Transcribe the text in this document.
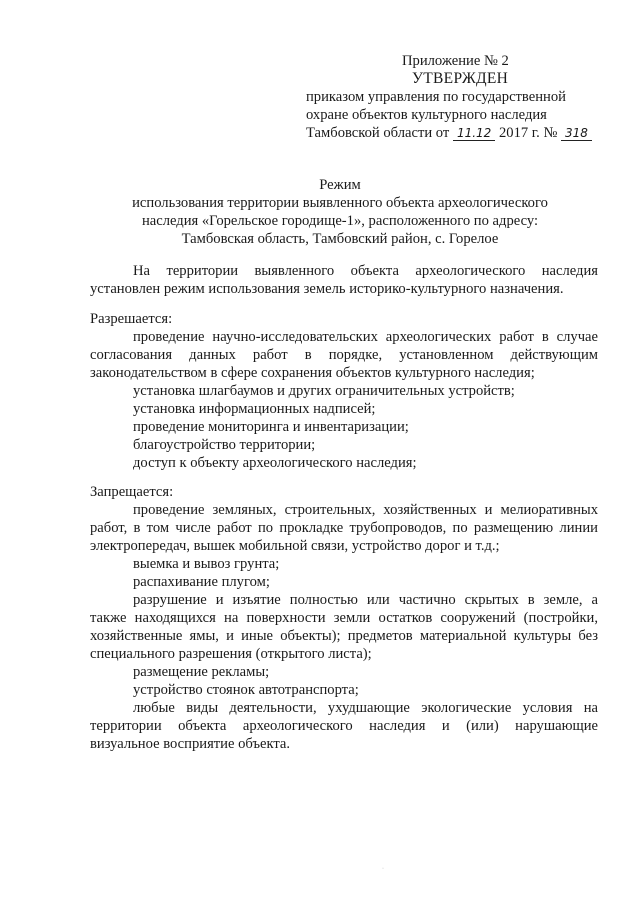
Приложение № 2
УТВЕРЖДЕН
приказом управления по государственной
охране объектов культурного наследия
Тамбовской области от 11.12 2017 г. № 318
Режим
использования территории выявленного объекта археологического
наследия «Горельское городище-1», расположенного по адресу:
Тамбовская область, Тамбовский район, с. Горелое
На территории выявленного объекта археологического наследия
установлен режим использования земель историко-культурного назначения.
Разрешается:
проведение научно-исследовательских археологических работ в случае
согласования данных работ в порядке, установленном действующим
законодательством в сфере сохранения объектов культурного наследия;
установка шлагбаумов и других ограничительных устройств;
установка информационных надписей;
проведение мониторинга и инвентаризации;
благоустройство территории;
доступ к объекту археологического наследия;
Запрещается:
проведение земляных, строительных, хозяйственных и мелиоративных
работ, в том числе работ по прокладке трубопроводов, по размещению линии
электропередач, вышек мобильной связи, устройство дорог и т.д.;
выемка и вывоз грунта;
распахивание плугом;
разрушение и изъятие полностью или частично скрытых в земле, а
также находящихся на поверхности земли остатков сооружений (постройки,
хозяйственные ямы, и иные объекты); предметов материальной культуры без
специального разрешения (открытого листа);
размещение рекламы;
устройство стоянок автотранспорта;
любые виды деятельности, ухудшающие экологические условия на
территории объекта археологического наследия и (или) нарушающие
визуальное восприятие объекта.
·
